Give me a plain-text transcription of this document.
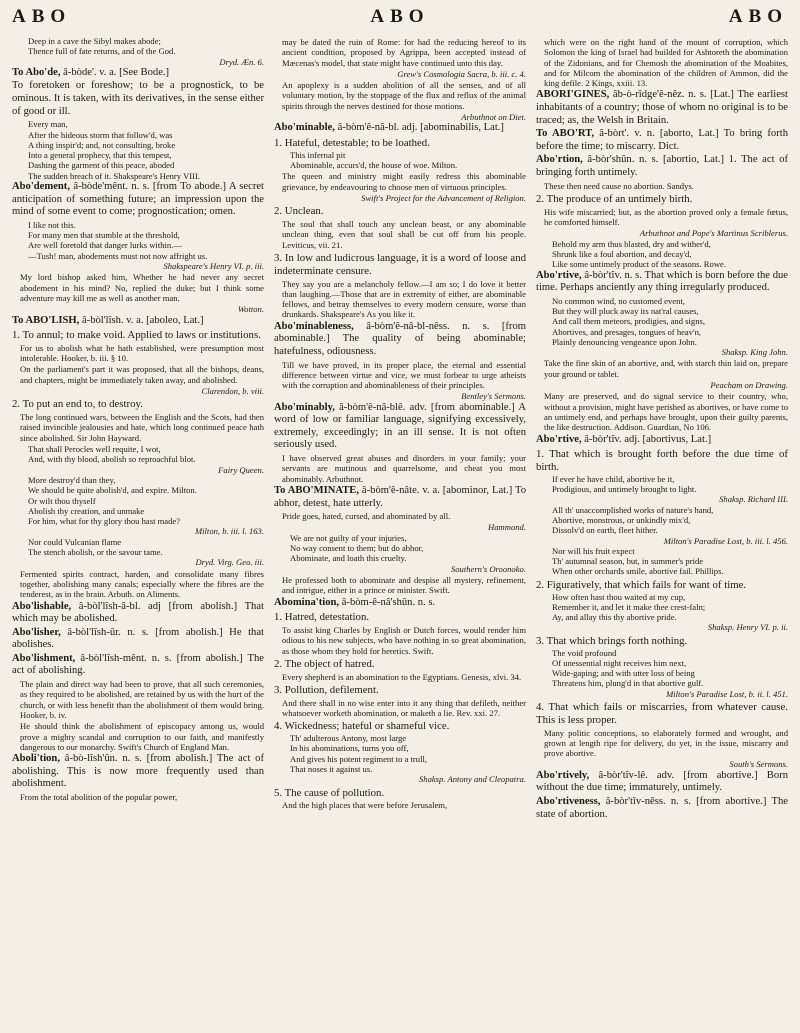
ABO	ABO	ABO
Deep in a cave the Sibyl makes abode;
Thence full of fate returns, and of the God.
Dryd. Æn. 6.
To Abo'de, â-bòde'. v. a. [See Bode.]
To foretoken or foreshow; to be a prognostick, to be ominous. It is taken, with its derivatives, in the sense either of good or ill.
Every man,
After the hideous storm that follow'd, was
A thing inspir'd; and, not consulting, broke
Into a general prophecy, that this tempest,
Dashing the garment of this peace, aboded
The sudden breach of it. Shakspeare's Henry VIII.
Abo'dement, â-bòde'mênt. n. s. [from To abode.] A secret anticipation of something future; an impression upon the mind of some event to come; prognostication; omen.
I like not this.
For many men that stumble at the threshold,
Are well foretold that danger lurks within.—
—Tush! man, abodements must not now affright us.
Shakspeare's Henry VI. p. iii.
My lord bishop asked him, Whether he had never any secret abodement in his mind? No, replied the duke; but I think some adventure may kill me as well as another man.
Wotton.
To ABO'LISH, â-bòl'lîsh. v. a. [aboleo, Lat.]
1. To annul; to make void. Applied to laws or institutions.
For us to abolish what he hath established, were presumption most intolerable. Hooker, b. iii. § 10.
On the parliament's part it was proposed, that all the bishops, deans, and chapters, might be immediately taken away, and abolished.
Clarendon, b. viii.
2. To put an end to, to destroy.
The long continued wars, between the English and the Scots, had then raised invincible jealousies and hate, which long continued peace hath since abolished. Sir John Hayward.
That shall Perocles well requite, I wot,
And, with thy blood, abolish so reproachful blot.
Fairy Queen.
More destroy'd than they,
We should be quite abolish'd, and expire. Milton.
Or wilt thou thyself
Abolish thy creation, and unmake
For him, what for thy glory thou hast made?
Milton, b. iii. l. 163.
Nor could Vulcanian flame
The stench abolish, or the savour tame.
Dryd. Virg. Geo. iii.
Fermented spirits contract, harden, and consolidate many fibres together, abolishing many canals; especially where the fibres are the tenderest, as in the brain. Arbuth. on Aliments.
Abo'lishable, â-bòl'lîsh-â-bl. adj [from abolish.] That which may be abolished.
Abo'lisher, â-bòl'lîsh-ûr. n. s. [from abolish.] He that abolishes.
Abo'lishment, â-bòl'lîsh-mênt. n. s. [from abolish.] The act of abolishing.
The plain and direct way had been to prove, that all such ceremonies, as they required to be abolished, are retained by us with the hurt of the church, or with less benefit than the abolishment of them would bring. Hooker, b. iv.
He should think the abolishment of episcopacy among us, would prove a mighty scandal and corruption to our faith, and manifestly dangerous to our monarchy. Swift's Church of England Man.
Aboli'tion, â-bò-lîsh'ûn. n. s. [from abolish.] The act of abolishing. This is now more frequently used than abolishment.
From the total abolition of the popular power,
may be dated the ruin of Rome: for had the reducing hereof to its ancient condition, proposed by Agrippa, been accepted instead of Mæcenas's model, that state might have continued unto this day.
Grew's Cosmologia Sacra, b. iii. c. 4.
An apoplexy is a sudden abolition of all the senses, and of all voluntary motion, by the stoppage of the flux and reflux of the animal spirits through the nerves destined for those motions.
Arbuthnot on Diet.
Abo'minable, â-bòm'ê-nâ-bl. adj. [abominabilis, Lat.]
1. Hateful, detestable; to be loathed.
This infernal pit
Abominable, accurs'd, the house of woe. Milton.
The queen and ministry might easily redress this abominable grievance, by endeavouring to choose men of virtuous principles.
Swift's Project for the Advancement of Religion.
2. Unclean.
The soul that shall touch any unclean beast, or any abominable unclean thing, even that soul shall be cut off from his people. Leviticus, vii. 21.
3. In low and ludicrous language, it is a word of loose and indeterminate censure.
They say you are a melancholy fellow.—I am so; I do love it better than laughing.—Those that are in extremity of either, are abominable fellows, and betray themselves to every modern censure, worse than drunkards. Shakspeare's As you like it.
Abo'minableness, â-bòm'ê-nâ-bl-nêss. n. s. [from abominable.] The quality of being abominable; hatefulness, odiousness.
Till we have proved, in its proper place, the eternal and essential difference between virtue and vice, we must forbear to urge atheists with the corruption and abominableness of their principles.
Bentley's Sermons.
Abo'minably, â-bòm'ê-nâ-blê. adv. [from abominable.] A word of low or familiar language, signifying excessively, extremely, exceedingly; in an ill sense. It is not often seriously used.
I have observed great abuses and disorders in your family; your servants are mutinous and quarrelsome, and cheat you most abominably. Arbuthnot.
To ABO'MINATE, â-bòm'ê-nâte. v. a. [abominor, Lat.] To abhor, detest, hate utterly.
Pride goes, hated, cursed, and abominated by all.
Hammond.
We are not guilty of your injuries,
No way consent to them; but do abhor,
Abominate, and loath this cruelty.
Southern's Oroonoko.
He professed both to abominate and despise all mystery, refinement, and intrigue, either in a prince or minister. Swift.
Abomina'tion, â-bòm-ê-nâ'shûn. n. s.
1. Hatred, detestation.
To assist king Charles by English or Dutch forces, would render him odious to his new subjects, who have nothing in so great abomination, as those whom they hold for heretics. Swift.
2. The object of hatred.
Every shepherd is an abomination to the Egyptians. Genesis, xlvi. 34.
3. Pollution, defilement.
And there shall in no wise enter into it any thing that defileth, neither whatsoever worketh abomination, or maketh a lie. Rev. xxi. 27.
4. Wickedness; hateful or shameful vice.
Th' adulterous Antony, most large
In his abominations, turns you off,
And gives his potent regiment to a trull,
That noses it against us.
Shaksp. Antony and Cleopatra.
5. The cause of pollution.
And the high places that were before Jerusalem,
which were on the right hand of the mount of corruption, which Solomon the king of Israel had builded for Ashtoreth the abomination of the Zidonians, and for Chemosh the abomination of the Moabites, and for Milcom the abomination of the children of Ammon, did the king defile. 2 Kings, xxiii. 13.
ABORI'GINES, âb-ò-rîdge'ê-nêz. n. s. [Lat.] The earliest inhabitants of a country; those of whom no original is to be traced; as, the Welsh in Britain.
To ABO'RT, â-bòrt'. v. n. [aborto, Lat.] To bring forth before the time; to miscarry. Dict.
Abo'rtion, â-bòr'shûn. n. s. [abortio, Lat.] 1. The act of bringing forth untimely.
These then need cause no abortion. Sandys.
2. The produce of an untimely birth.
His wife miscarried; but, as the abortion proved only a female fœtus, he comforted himself.
Arbuthnot and Pope's Martinus Scriblerus.
Behold my arm thus blasted, dry and wither'd,
Shrunk like a foul abortion, and decay'd,
Like some untimely product of the seasons. Rowe.
Abo'rtive, â-bòr'tîv. n. s. That which is born before the due time. Perhaps anciently any thing irregularly produced.
No common wind, no customed event,
But they will pluck away its nat'ral causes,
And call them meteors, prodigies, and signs,
Abortives, and presages, tongues of heav'n,
Plainly denouncing vengeance upon John.
Shaksp. King John.
Take the fine skin of an abortive, and, with starch thin laid on, prepare your ground or tablet.
Peacham on Drawing.
Many are preserved, and do signal service to their country, who, without a provision, might have perished as abortives, or have come to an untimely end, and perhaps have brought, upon their guilty parents, the like destruction. Addison. Guardian, No 106.
Abo'rtive, â-bòr'tîv. adj. [abortivus, Lat.]
1. That which is brought forth before the due time of birth.
If ever he have child, abortive be it,
Prodigious, and untimely brought to light.
Shaksp. Richard III.
All th' unaccomplished works of nature's hand,
Abortive, monstrous, or unkindly mix'd,
Dissolv'd on earth, fleet hither.
Milton's Paradise Lost, b. iii. l. 456.
Nor will his fruit expect
Th' autumnal season, but, in summer's pride
When other orchards smile, abortive fail. Phillips.
2. Figuratively, that which fails for want of time.
How often hast thou waited at my cup,
Remember it, and let it make thee crest-faln;
Ay, and allay this thy abortive pride.
Shaksp. Henry VI. p. ii.
3. That which brings forth nothing.
The void profound
Of unessential night receives him next,
Wide-gaping; and with utter loss of being
Threatens him, plung'd in that abortive gulf.
Milton's Paradise Lost, b. ii. l. 451.
4. That which fails or miscarries, from whatever cause. This is less proper.
Many politic conceptions, so elaborately formed and wrought, and grown at length ripe for delivery, do yet, in the issue, miscarry and prove abortive.
South's Sermons.
Abo'rtively, â-bòr'tîv-lê. adv. [from abortive.] Born without the due time; immaturely, untimely.
Abo'rtiveness, â-bòr'tîv-nêss. n. s. [from abortive.] The state of abortion.
